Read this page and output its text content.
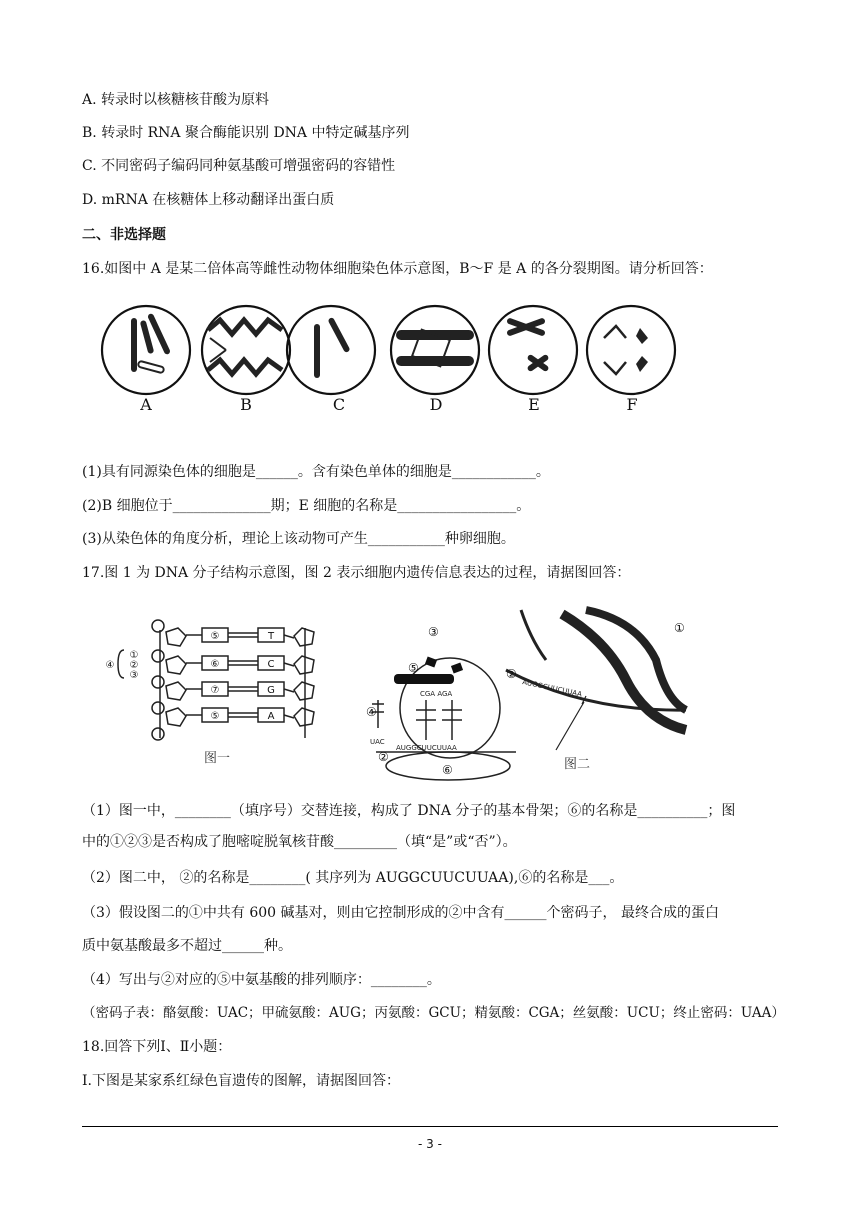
A. 转录时以核糖核苷酸为原料
B. 转录时 RNA 聚合酶能识别 DNA 中特定碱基序列
C. 不同密码子编码同种氨基酸可增强密码的容错性
D. mRNA 在核糖体上移动翻译出蛋白质
二、非选择题
16.如图中 A 是某二倍体高等雌性动物体细胞染色体示意图，B～F 是 A 的各分裂期图。请分析回答：
A	B	C	D	E	F
(1)具有同源染色体的细胞是______。含有染色单体的细胞是____________。
(2)B 细胞位于______________期；E 细胞的名称是_________________。
(3)从染色体的角度分析，理论上该动物可产生___________种卵细胞。
17.图 1 为 DNA 分子结构示意图，图 2 表示细胞内遗传信息表达的过程，请据图回答：
⑤
⑥
⑦
⑤
T
C
G
A
④
①
②
③
图一
③
⑤
④
②
⑥
①
②
UAC
CGA AGA
AUGGCUUCUUAA
AUGGCUUCUUAA
图二
（1）图一中，________（填序号）交替连接，构成了 DNA 分子的基本骨架；⑥的名称是__________；图
中的①②③是否构成了胞嘧啶脱氧核苷酸_________（填“是”或“否”）。
（2）图二中， ②的名称是________( 其序列为 AUGGCUUCUUAA),⑥的名称是___。
（3）假设图二的①中共有 600 碱基对，则由它控制形成的②中含有______个密码子， 最终合成的蛋白
质中氨基酸最多不超过______种。
（4）写出与②对应的⑤中氨基酸的排列顺序：________。
（密码子表：酪氨酸：UAC；甲硫氨酸：AUG；丙氨酸：GCU；精氨酸：CGA；丝氨酸：UCU；终止密码：UAA）
18.回答下列Ⅰ、Ⅱ小题：
Ⅰ.下图是某家系红绿色盲遗传的图解，请据图回答：
- 3 -
